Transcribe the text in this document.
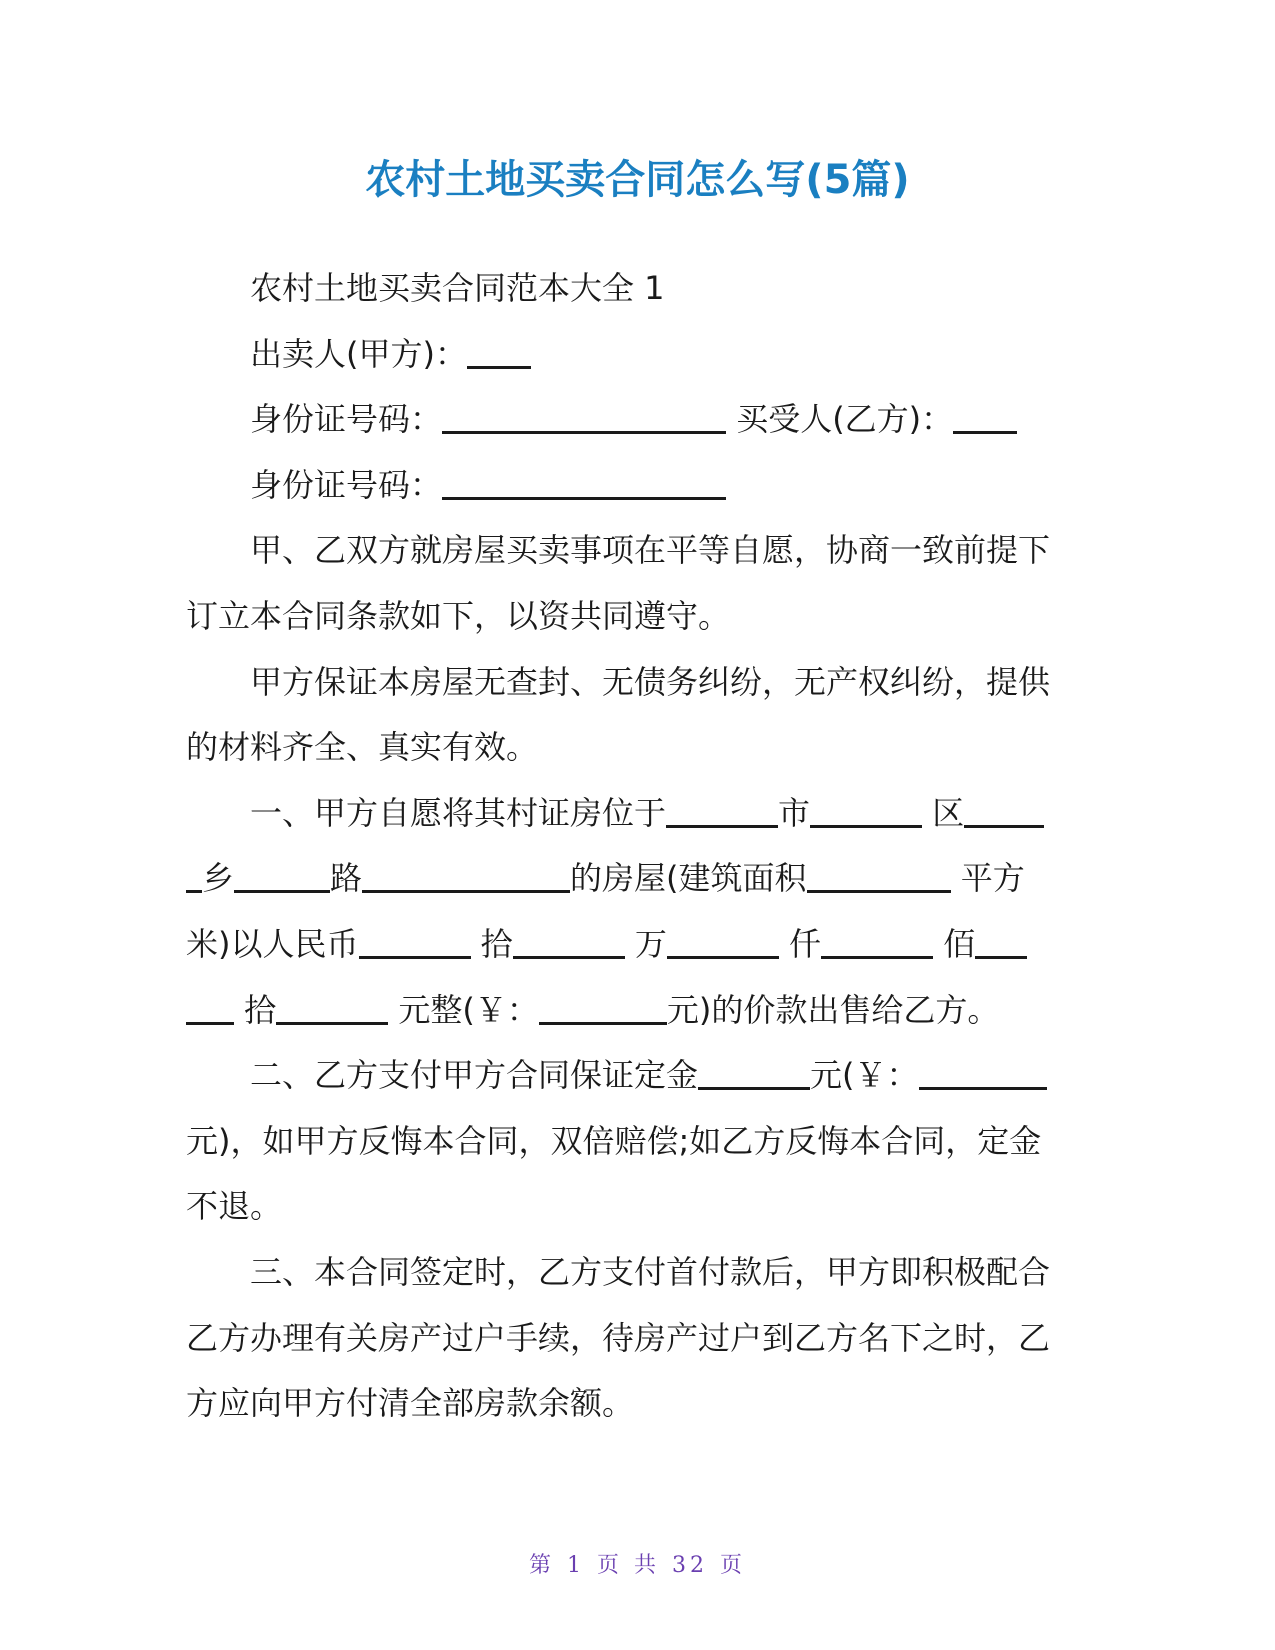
农村土地买卖合同怎么写(5篇)

农村土地买卖合同范本大全 1

出卖人(甲方)：

身份证号码：	买受人(乙方)：

身份证号码：

甲、乙双方就房屋买卖事项在平等自愿，协商一致前提下

订立本合同条款如下，以资共同遵守。

甲方保证本房屋无查封、无债务纠纷，无产权纠纷，提供

的材料齐全、真实有效。

一、甲方自愿将其村证房位于	市	区

乡	路	的房屋(建筑面积	平方

米)以人民币	拾	万	仟	佰

拾	元整(￥：	元)的价款出售给乙方。

二、乙方支付甲方合同保证定金	元(￥：

元)，如甲方反悔本合同，双倍赔偿;如乙方反悔本合同，定金

不退。

三、本合同签定时，乙方支付首付款后，甲方即积极配合

乙方办理有关房产过户手续，待房产过户到乙方名下之时，乙

方应向甲方付清全部房款余额。

第 1 页 共 32 页
